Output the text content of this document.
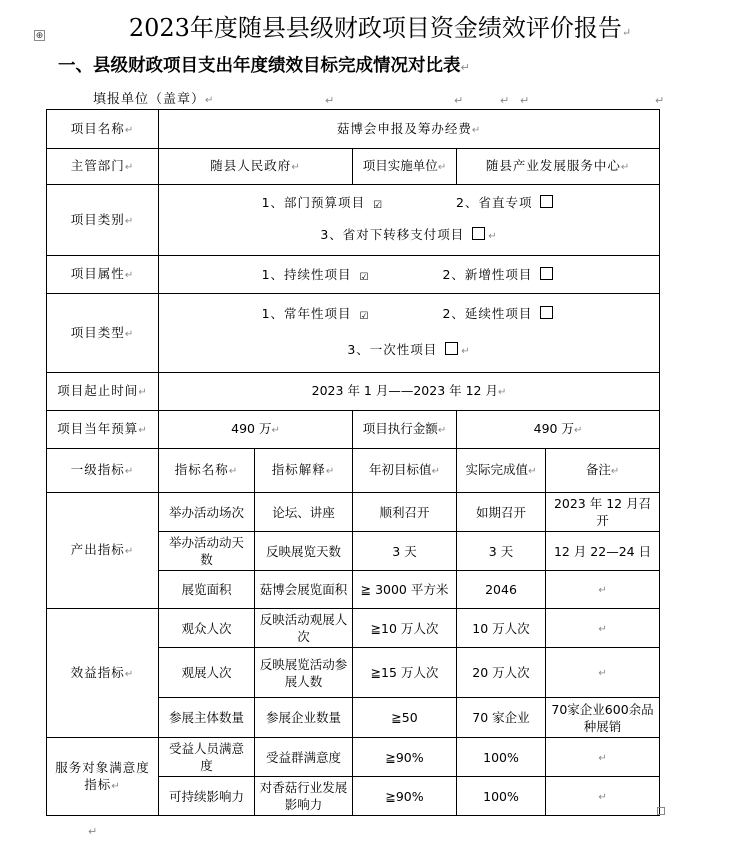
⊕	2023年度随县县级财政项目资金绩效评价报告↵
一、县级财政项目支出年度绩效目标完成情况对比表↵
填报单位（盖章）↵	↵	↵	↵ ↵	↵
项目名称↵	菇博会申报及筹办经费↵				
主管部门↵	随县人民政府↵		项目实施单位↵	随县产业发展服务中心↵	
项目类别↵	1、部门预算项目 ☑ 2、省直专项
3、省对下转移支付项目 ↵				
项目属性↵	1、持续性项目 ☑ 2、新增性项目				
项目类型↵	1、常年性项目 ☑ 2、延续性项目
3、一次性项目 ↵				
项目起止时间↵	2023 年 1 月——2023 年 12 月↵				
项目当年预算↵	490 万↵		项目执行金额↵	490 万↵	
一级指标↵	指标名称↵	指标解释↵	年初目标值↵	实际完成值↵	备注↵
产出指标↵	举办活动场次	论坛、讲座	顺利召开	如期召开	2023 年 12 月召开
	举办活动动天数	反映展览天数	3 天	3 天	12 月 22—24 日
	展览面积	菇博会展览面积	≧ 3000 平方米	2046	↵
效益指标↵	观众人次	反映活动观展人次	≧10 万人次	10 万人次	↵
	观展人次	反映展览活动参展人数	≧15 万人次	20 万人次	↵
	参展主体数量	参展企业数量	≧50	70 家企业	70家企业600余品种展销
服务对象满意度指标↵	受益人员满意度	受益群满意度	≧90%	100%	↵
	可持续影响力	对香菇行业发展影响力	≧90%	100%	↵
↵
